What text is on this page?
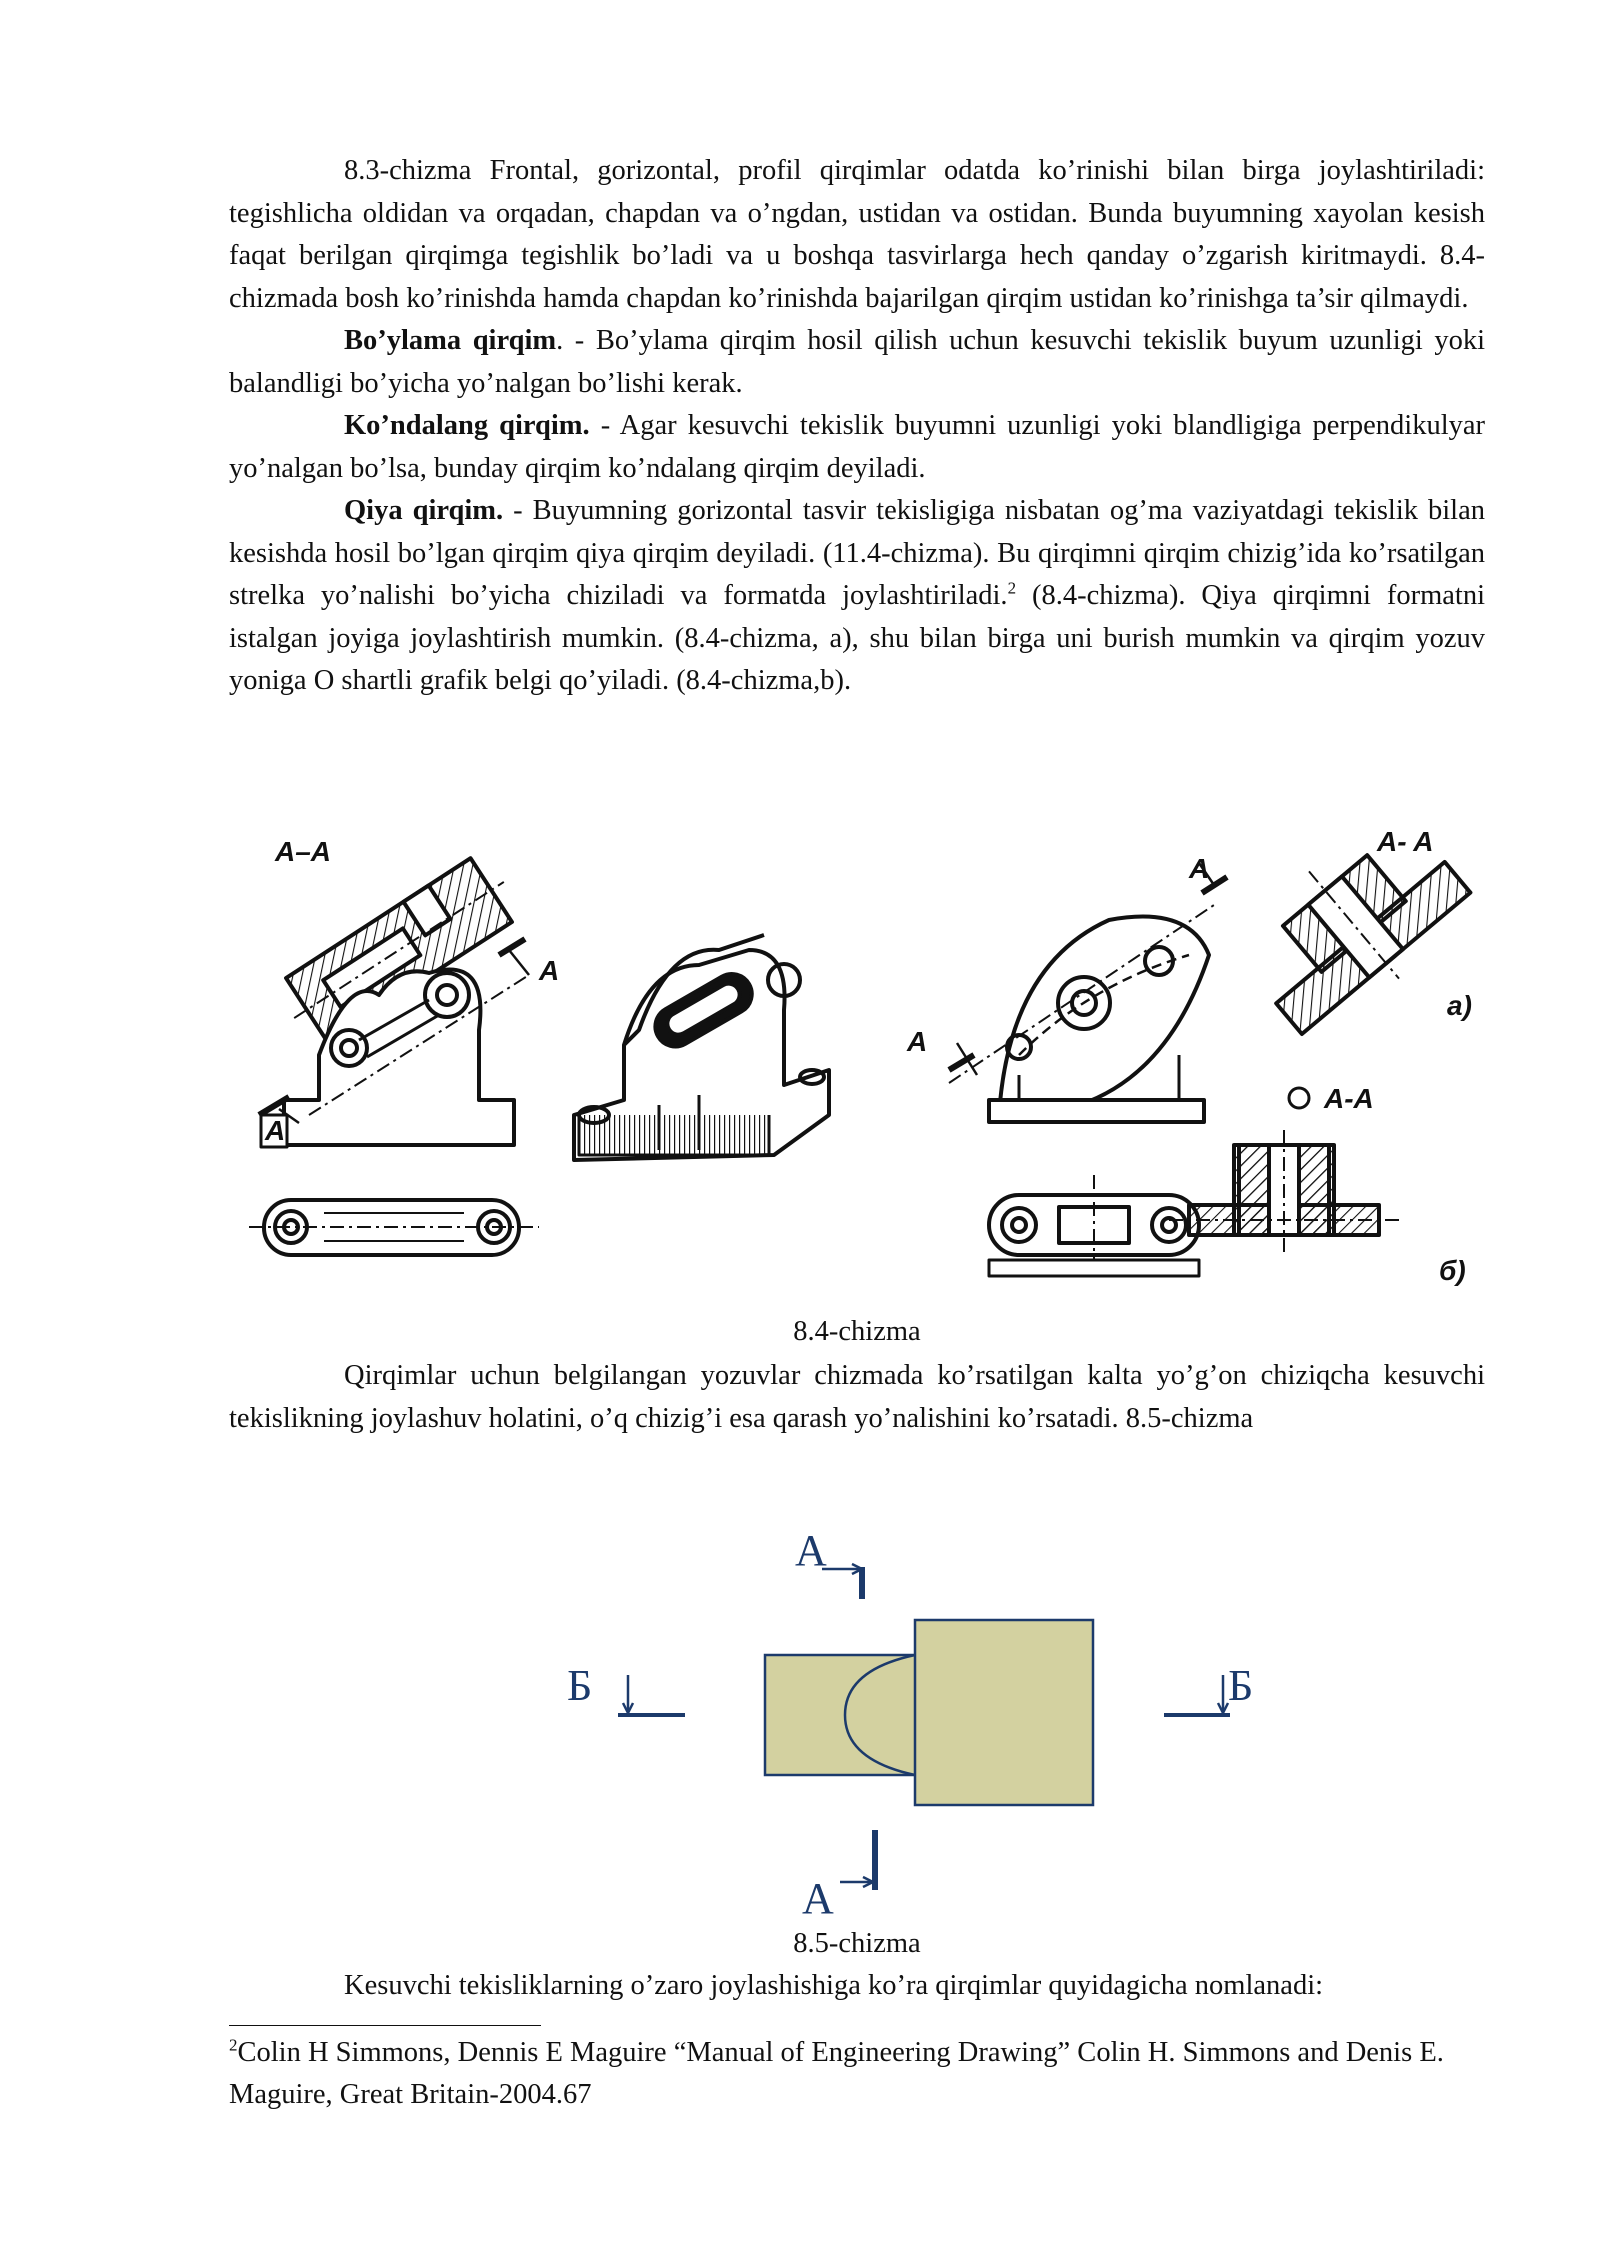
8.3-chizma Frontal, gorizontal, profil qirqimlar odatda ko’rinishi bilan birga joylashtiriladi: tegishlicha oldidan va orqadan, chapdan va o’ngdan, ustidan va ostidan. Bunda buyumning xayolan kesish faqat berilgan qirqimga tegishlik bo’ladi va u boshqa tasvirlarga hech qanday o’zgarish kiritmaydi. 8.4-chizmada bosh ko’rinishda hamda chapdan ko’rinishda bajarilgan qirqim ustidan ko’rinishga ta’sir qilmaydi.

Bo’ylama qirqim. - Bo’ylama qirqim hosil qilish uchun kesuvchi tekislik buyum uzunligi yoki balandligi bo’yicha yo’nalgan bo’lishi kerak.

Ko’ndalang qirqim. - Agar kesuvchi tekislik buyumni uzunligi yoki blandligiga perpendikulyar yo’nalgan bo’lsa, bunday qirqim ko’ndalang qirqim deyiladi.

Qiya qirqim. - Buyumning gorizontal tasvir tekisligiga nisbatan og’ma vaziyatdagi tekislik bilan kesishda hosil bo’lgan qirqim qiya qirqim deyiladi. (11.4-chizma). Bu qirqimni qirqim chizig’ida ko’rsatilgan strelka yo’nalishi bo’yicha chiziladi va formatda joylashtiriladi.$^2$ (8.4-chizma). Qiya qirqimni formatni istalgan joyiga joylashtirish mumkin. (8.4-chizma, a), shu bilan birga uni burish mumkin va qirqim yozuv yoniga O shartli grafik belgi qo’yiladi. (8.4-chizma,b).

A–A
A
A
A
A
A- A
a)
A-A
б)
8.4-chizma

Qirqimlar uchun belgilangan yozuvlar chizmada ko’rsatilgan kalta yo’g’on chiziqcha kesuvchi tekislikning joylashuv holatini, o’q chizig’i esa qarash yo’nalishini ko’rsatadi. 8.5-chizma

A
A
Б	Б
8.5-chizma

Kesuvchi tekisliklarning o’zaro joylashishiga ko’ra qirqimlar quyidagicha nomlanadi:

$^2$Colin H Simmons, Dennis E Maguire “Manual of Engineering Drawing” Colin H. Simmons and Denis E. Maguire, Great Britain-2004.67
